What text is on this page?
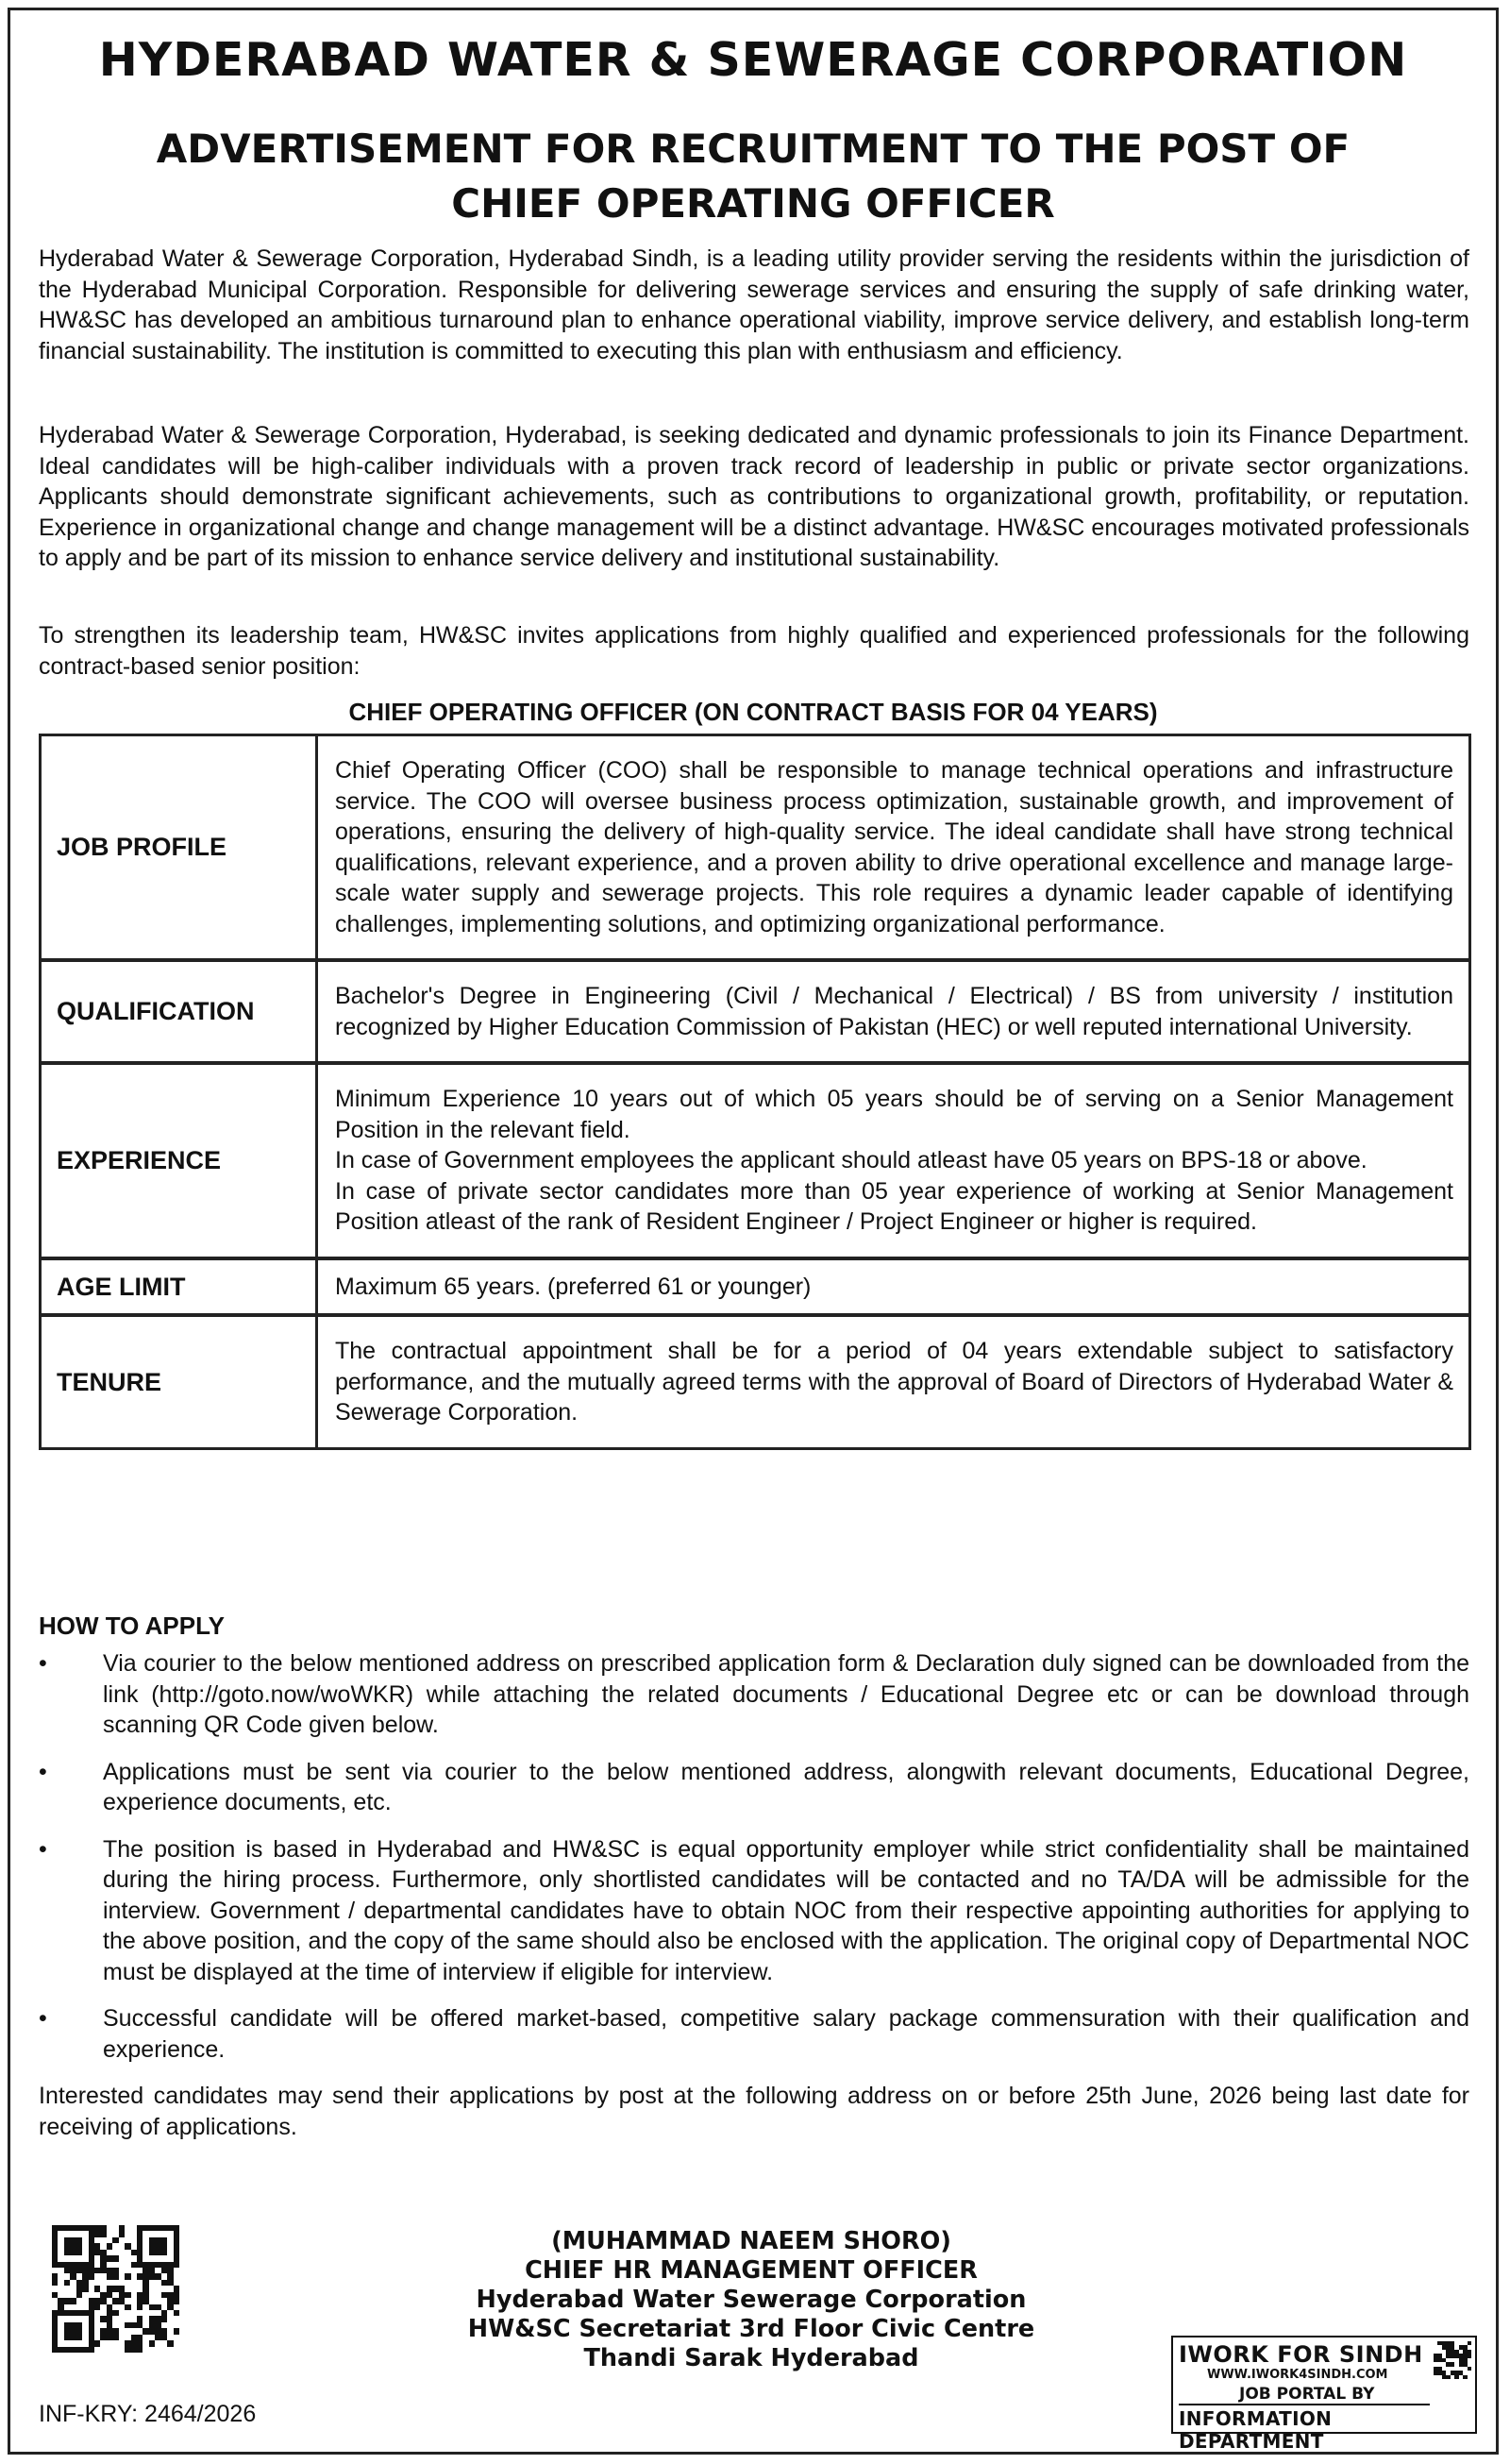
HYDERABAD WATER & SEWERAGE CORPORATION
ADVERTISEMENT FOR RECRUITMENT TO THE POST OF
CHIEF OPERATING OFFICER

Hyderabad Water & Sewerage Corporation, Hyderabad Sindh, is a leading utility provider serving the residents within the jurisdiction of the Hyderabad Municipal Corporation. Responsible for delivering sewerage services and ensuring the supply of safe drinking water, HW&SC has developed an ambitious turnaround plan to enhance operational viability, improve service delivery, and establish long-term financial sustainability. The institution is committed to executing this plan with enthusiasm and efficiency.

Hyderabad Water & Sewerage Corporation, Hyderabad, is seeking dedicated and dynamic professionals to join its Finance Department. Ideal candidates will be high-caliber individuals with a proven track record of leadership in public or private sector organizations. Applicants should demonstrate significant achievements, such as contributions to organizational growth, profitability, or reputation. Experience in organizational change and change management will be a distinct advantage. HW&SC encourages motivated professionals to apply and be part of its mission to enhance service delivery and institutional sustainability.

To strengthen its leadership team, HW&SC invites applications from highly qualified and experienced professionals for the following contract-based senior position:

CHIEF OPERATING OFFICER (ON CONTRACT BASIS FOR 04 YEARS)
JOB PROFILE	Chief Operating Officer (COO) shall be responsible to manage technical operations and infrastructure service. The COO will oversee business process optimization, sustainable growth, and improvement of operations, ensuring the delivery of high-quality service. The ideal candidate shall have strong technical qualifications, relevant experience, and a proven ability to drive operational excellence and manage large-scale water supply and sewerage projects. This role requires a dynamic leader capable of identifying challenges, implementing solutions, and optimizing organizational performance.

QUALIFICATION	Bachelor's Degree in Engineering (Civil / Mechanical / Electrical) / BS from university / institution recognized by Higher Education Commission of Pakistan (HEC) or well reputed international University.

EXPERIENCE	Minimum Experience 10 years out of which 05 years should be of serving on a Senior Management Position in the relevant field.
In case of Government employees the applicant should atleast have 05 years on BPS-18 or above.
In case of private sector candidates more than 05 year experience of working at Senior Management Position atleast of the rank of Resident Engineer / Project Engineer or higher is required.

AGE LIMIT	Maximum 65 years. (preferred 61 or younger)

TENURE	The contractual appointment shall be for a period of 04 years extendable subject to satisfactory performance, and the mutually agreed terms with the approval of Board of Directors of Hyderabad Water & Sewerage Corporation.
HOW TO APPLY
•	Via courier to the below mentioned address on prescribed application form & Declaration duly signed can be downloaded from the link (http://goto.now/woWKR) while attaching the related documents / Educational Degree etc or can be download through scanning QR Code given below.
•	Applications must be sent via courier to the below mentioned address, alongwith relevant documents, Educational Degree, experience documents, etc.
•	The position is based in Hyderabad and HW&SC is equal opportunity employer while strict confidentiality shall be maintained during the hiring process. Furthermore, only shortlisted candidates will be contacted and no TA/DA will be admissible for the interview. Government / departmental candidates have to obtain NOC from their respective appointing authorities for applying to the above position, and the copy of the same should also be enclosed with the application. The original copy of Departmental NOC must be displayed at the time of interview if eligible for interview.
•	Successful candidate will be offered market-based, competitive salary package commensuration with their qualification and experience.
Interested candidates may send their applications by post at the following address on or before 25th June, 2026 being last date for receiving of applications.
(MUHAMMAD NAEEM SHORO)
CHIEF HR MANAGEMENT OFFICER
Hyderabad Water Sewerage Corporation
HW&SC Secretariat 3rd Floor Civic Centre
Thandi Sarak Hyderabad
INF-KRY: 2464/2026
IWORK FOR SINDH
WWW.IWORK4SINDH.COM
JOB PORTAL BY
INFORMATION DEPARTMENT
